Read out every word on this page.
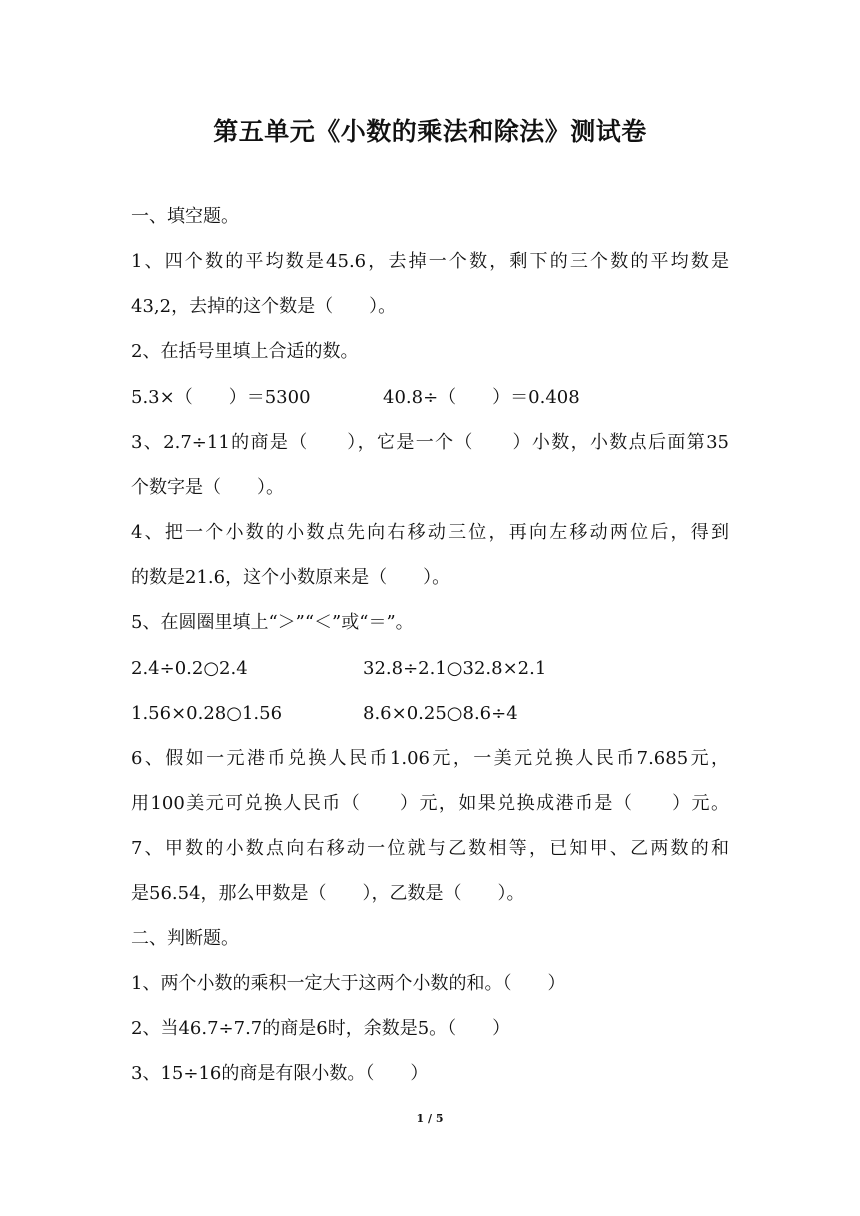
第五单元《小数的乘法和除法》测试卷
一、填空题。
1、四个数的平均数是45.6，去掉一个数，剩下的三个数的平均数是
43,2，去掉的这个数是（　　）。
2、在括号里填上合适的数。
5.3×（　　）＝5300	40.8÷（　　）＝0.408
3、2.7÷11的商是（　　），它是一个（　　）小数，小数点后面第35
个数字是（　　）。
4、把一个小数的小数点先向右移动三位，再向左移动两位后，得到
的数是21.6，这个小数原来是（　　）。
5、在圆圈里填上“＞”“＜”或“＝”。
2.4÷0.2○2.4	32.8÷2.1○32.8×2.1
1.56×0.28○1.56	8.6×0.25○8.6÷4
6、假如一元港币兑换人民币1.06元，一美元兑换人民币7.685元，
用100美元可兑换人民币（　　）元，如果兑换成港币是（　　）元。
7、甲数的小数点向右移动一位就与乙数相等，已知甲、乙两数的和
是56.54，那么甲数是（　　），乙数是（　　）。
二、判断题。
1、两个小数的乘积一定大于这两个小数的和。（　　）
2、当46.7÷7.7的商是6时，余数是5。（　　）
3、15÷16的商是有限小数。（　　）
1 / 5
